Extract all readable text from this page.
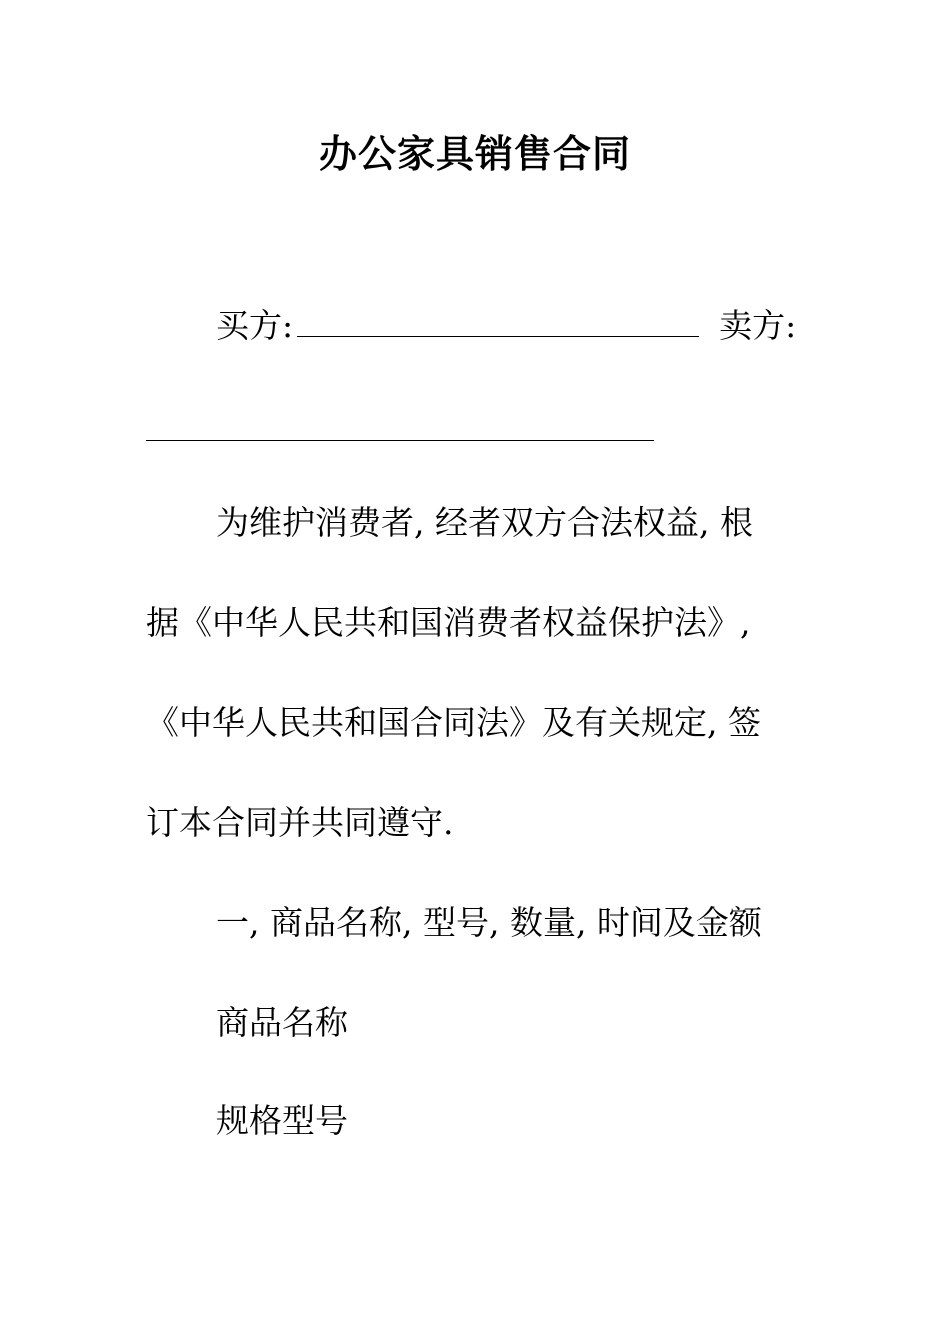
办公家具销售合同
买方:	卖方:
为维护消费者, 经者双方合法权益, 根
据《中华人民共和国消费者权益保护法》,
《中华人民共和国合同法》及有关规定, 签
订本合同并共同遵守.
一, 商品名称, 型号, 数量, 时间及金额
商品名称
规格型号
